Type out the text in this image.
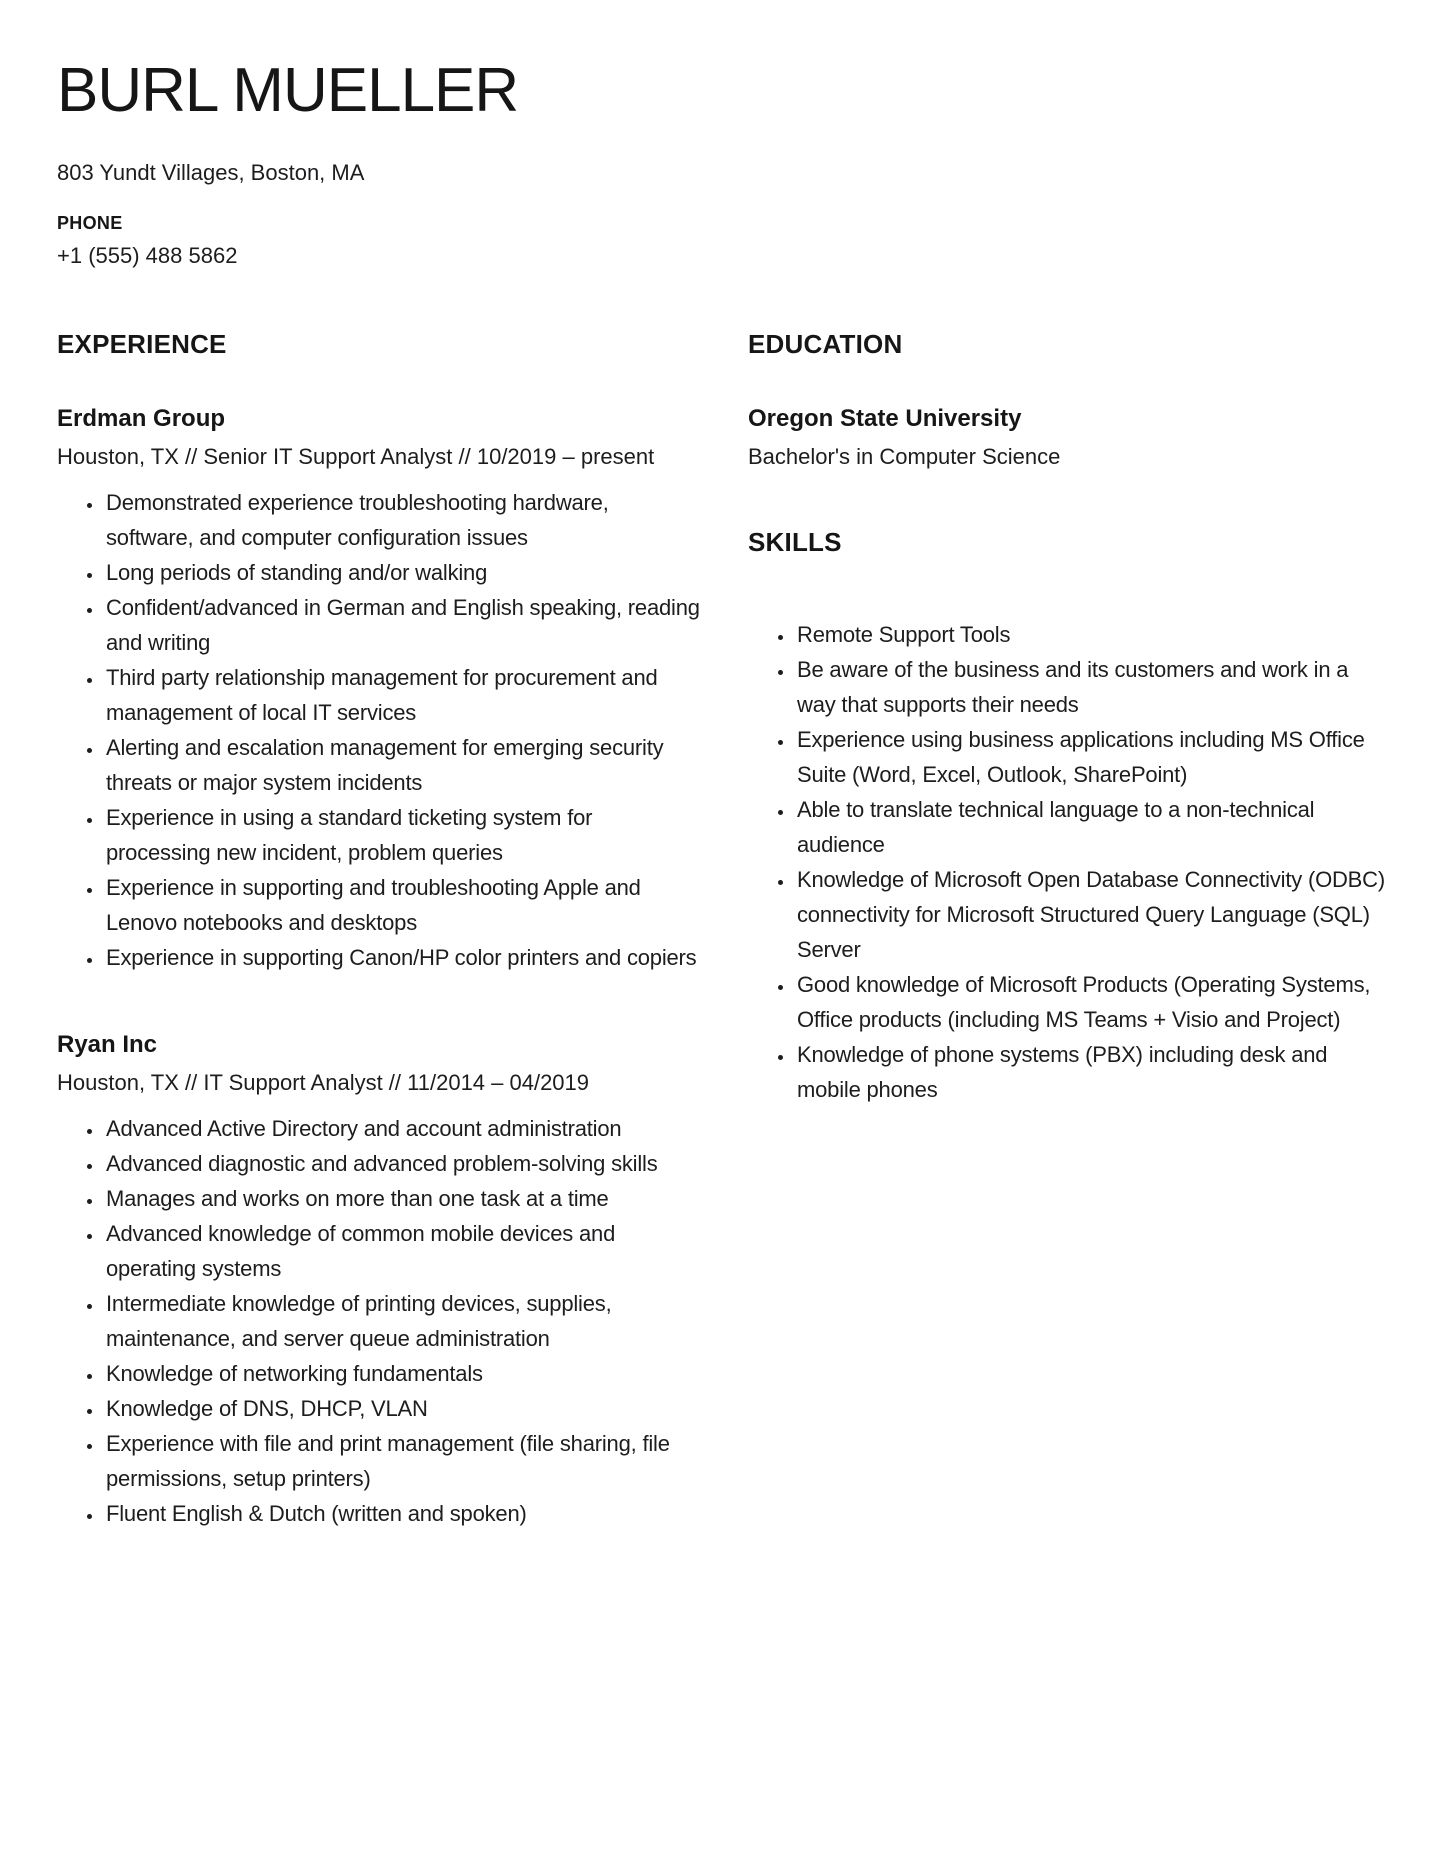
BURL MUELLER

803 Yundt Villages, Boston, MA

PHONE

+1 (555) 488 5862

EXPERIENCE
Erdman Group

Houston, TX // Senior IT Support Analyst // 10/2019 – present

• Demonstrated experience troubleshooting hardware, software, and computer configuration issues
• Long periods of standing and/or walking
• Confident/advanced in German and English speaking, reading and writing
• Third party relationship management for procurement and management of local IT services
• Alerting and escalation management for emerging security threats or major system incidents
• Experience in using a standard ticketing system for processing new incident, problem queries
• Experience in supporting and troubleshooting Apple and Lenovo notebooks and desktops
• Experience in supporting Canon/HP color printers and copiers
Ryan Inc

Houston, TX // IT Support Analyst // 11/2014 – 04/2019

• Advanced Active Directory and account administration
• Advanced diagnostic and advanced problem-solving skills
• Manages and works on more than one task at a time
• Advanced knowledge of common mobile devices and operating systems
• Intermediate knowledge of printing devices, supplies, maintenance, and server queue administration
• Knowledge of networking fundamentals
• Knowledge of DNS, DHCP, VLAN
• Experience with file and print management (file sharing, file permissions, setup printers)
• Fluent English & Dutch (written and spoken)
EDUCATION
Oregon State University

Bachelor's in Computer Science

SKILLS
• Remote Support Tools
• Be aware of the business and its customers and work in a way that supports their needs
• Experience using business applications including MS Office Suite (Word, Excel, Outlook, SharePoint)
• Able to translate technical language to a non-technical audience
• Knowledge of Microsoft Open Database Connectivity (ODBC) connectivity for Microsoft Structured Query Language (SQL) Server
• Good knowledge of Microsoft Products (Operating Systems, Office products (including MS Teams + Visio and Project)
• Knowledge of phone systems (PBX) including desk and mobile phones
